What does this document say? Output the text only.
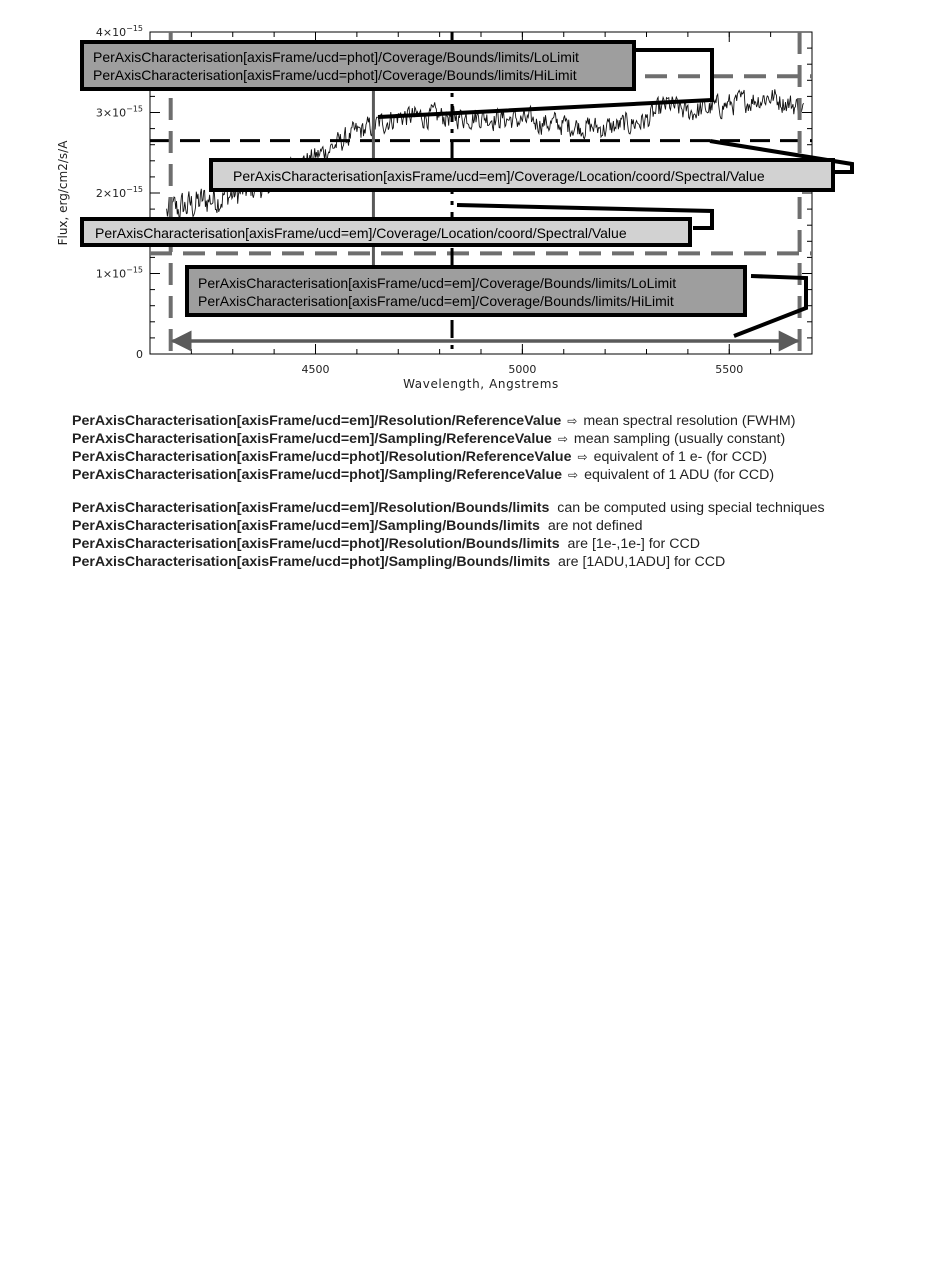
0
$1\times 10^{-15}$
$2\times 10^{-15}$
$3\times 10^{-15}$
$4\times 10^{-15}$
4500	5000	5500
PerAxisCharacterisation[axisFrame/ucd=phot]/Coverage/Bounds/limits/LoLimit
PerAxisCharacterisation[axisFrame/ucd=phot]/Coverage/Bounds/limits/HiLimit
PerAxisCharacterisation[axisFrame/ucd=em]/Coverage/Location/coord/Spectral/Value
PerAxisCharacterisation[axisFrame/ucd=em]/Coverage/Location/coord/Spectral/Value
PerAxisCharacterisation[axisFrame/ucd=em]/Coverage/Bounds/limits/LoLimit
PerAxisCharacterisation[axisFrame/ucd=em]/Coverage/Bounds/limits/HiLimit
Wavelength, Angstrems
Flux, erg/cm2/s/A
PerAxisCharacterisation[axisFrame/ucd=em]/Resolution/ReferenceValue ⇨ mean spectral resolution (FWHM)
PerAxisCharacterisation[axisFrame/ucd=em]/Sampling/ReferenceValue ⇨ mean sampling (usually constant)
PerAxisCharacterisation[axisFrame/ucd=phot]/Resolution/ReferenceValue ⇨ equivalent of 1 e- (for CCD)
PerAxisCharacterisation[axisFrame/ucd=phot]/Sampling/ReferenceValue ⇨ equivalent of 1 ADU (for CCD)
PerAxisCharacterisation[axisFrame/ucd=em]/Resolution/Bounds/limits can be computed using special techniques
PerAxisCharacterisation[axisFrame/ucd=em]/Sampling/Bounds/limits are not defined
PerAxisCharacterisation[axisFrame/ucd=phot]/Resolution/Bounds/limits are [1e-,1e-] for CCD
PerAxisCharacterisation[axisFrame/ucd=phot]/Sampling/Bounds/limits are [1ADU,1ADU] for CCD
